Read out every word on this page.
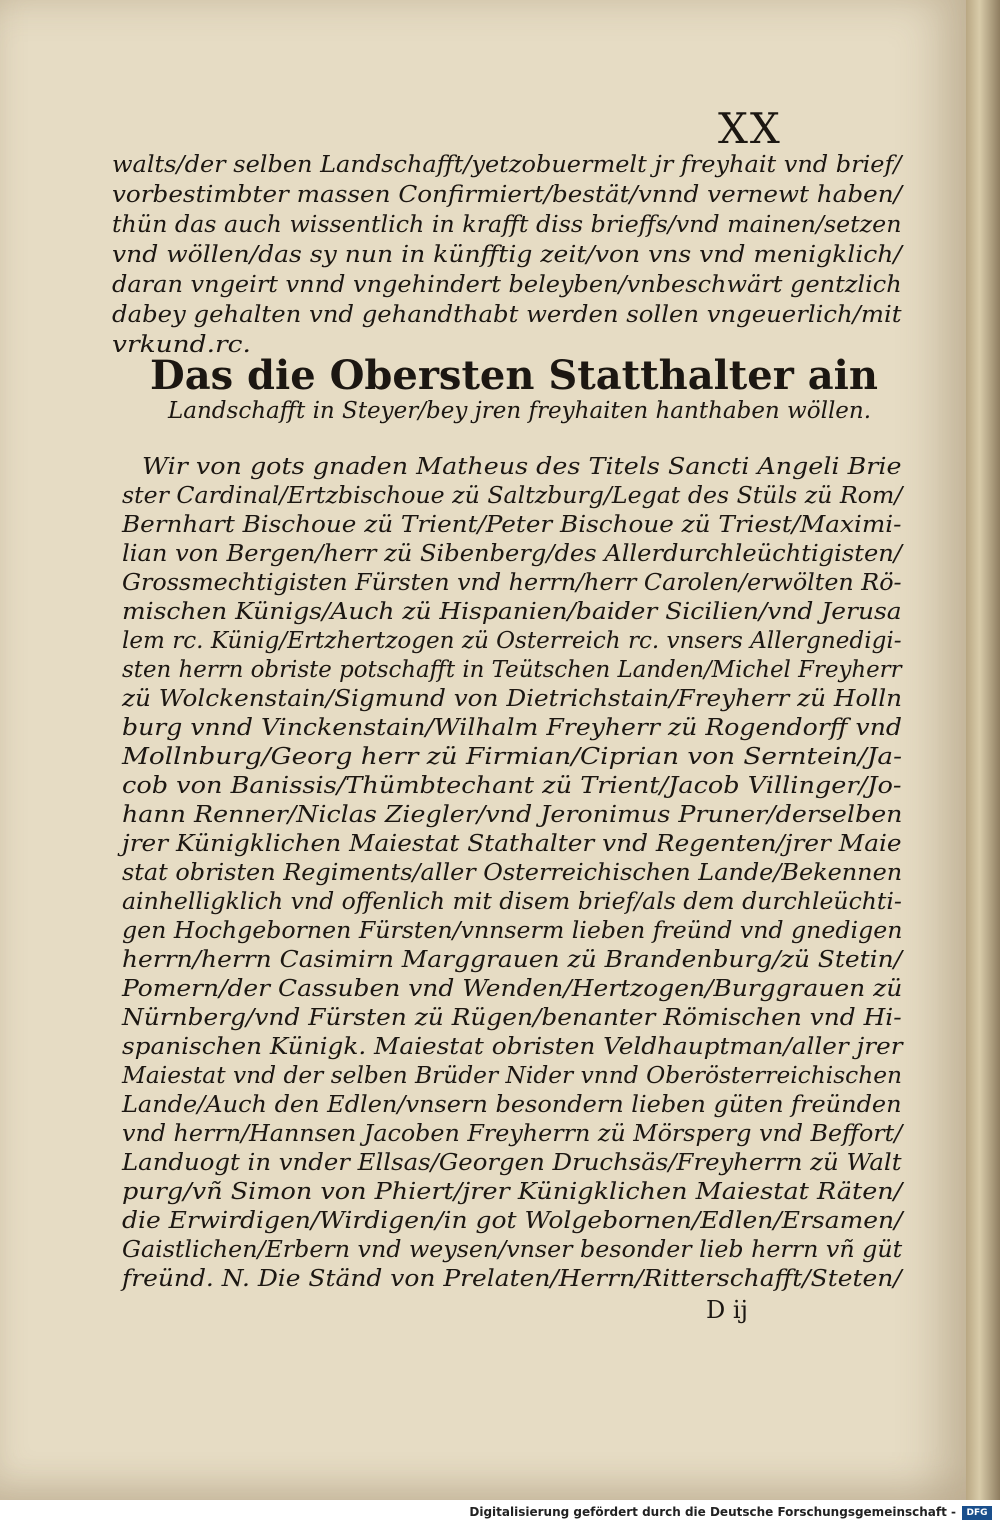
XX
walts/der selben Landschafft/yetzobuermelt jr freyhait vnd brief/
vorbestimbter massen Confirmiert/bestät/vnnd vernewt haben/
thün das auch wissentlich in krafft diss brieffs/vnd mainen/setzen
vnd wöllen/das sy nun in künfftig zeit/von vns vnd menigklich/
daran vngeirt vnnd vngehindert beleyben/vnbeschwärt gentzlich
dabey gehalten vnd gehandthabt werden sollen vngeuerlich/mit
vrkund.rc.
Das die Obersten Statthalter ain
Landschafft in Steyer/bey jren freyhaiten hanthaben wöllen.
Wir von gots gnaden Matheus des Titels Sancti Angeli Brie
ster Cardinal/Ertzbischoue zü Saltzburg/Legat des Stüls zü Rom/
Bernhart Bischoue zü Trient/Peter Bischoue zü Triest/Maximi-
lian von Bergen/herr zü Sibenberg/des Allerdurchleüchtigisten/
Grossmechtigisten Fürsten vnd herrn/herr Carolen/erwölten Rö-
mischen Künigs/Auch zü Hispanien/baider Sicilien/vnd Jerusa
lem rc. Künig/Ertzhertzogen zü Osterreich rc. vnsers Allergnedigi-
sten herrn obriste potschafft in Teütschen Landen/Michel Freyherr
zü Wolckenstain/Sigmund von Dietrichstain/Freyherr zü Holln
burg vnnd Vinckenstain/Wilhalm Freyherr zü Rogendorff vnd
Mollnburg/Georg herr zü Firmian/Ciprian von Serntein/Ja-
cob von Banissis/Thümbtechant zü Trient/Jacob Villinger/Jo-
hann Renner/Niclas Ziegler/vnd Jeronimus Pruner/derselben
jrer Künigklichen Maiestat Stathalter vnd Regenten/jrer Maie
stat obristen Regiments/aller Osterreichischen Lande/Bekennen
ainhelligklich vnd offenlich mit disem brief/als dem durchleüchti-
gen Hochgebornen Fürsten/vnnserm lieben freünd vnd gnedigen
herrn/herrn Casimirn Marggrauen zü Brandenburg/zü Stetin/
Pomern/der Cassuben vnd Wenden/Hertzogen/Burggrauen zü
Nürnberg/vnd Fürsten zü Rügen/benanter Römischen vnd Hi-
spanischen Künigk. Maiestat obristen Veldhauptman/aller jrer
Maiestat vnd der selben Brüder Nider vnnd Oberösterreichischen
Lande/Auch den Edlen/vnsern besondern lieben güten freünden
vnd herrn/Hannsen Jacoben Freyherrn zü Mörsperg vnd Beffort/
Landuogt in vnder Ellsas/Georgen Druchsäs/Freyherrn zü Walt
purg/vñ Simon von Phiert/jrer Künigklichen Maiestat Räten/
die Erwirdigen/Wirdigen/in got Wolgebornen/Edlen/Ersamen/
Gaistlichen/Erbern vnd weysen/vnser besonder lieb herrn vñ güt
freünd. N. Die Ständ von Prelaten/Herrn/Ritterschafft/Steten/
D ij
Digitalisierung gefördert durch die Deutsche Forschungsgemeinschaft -	DFG
